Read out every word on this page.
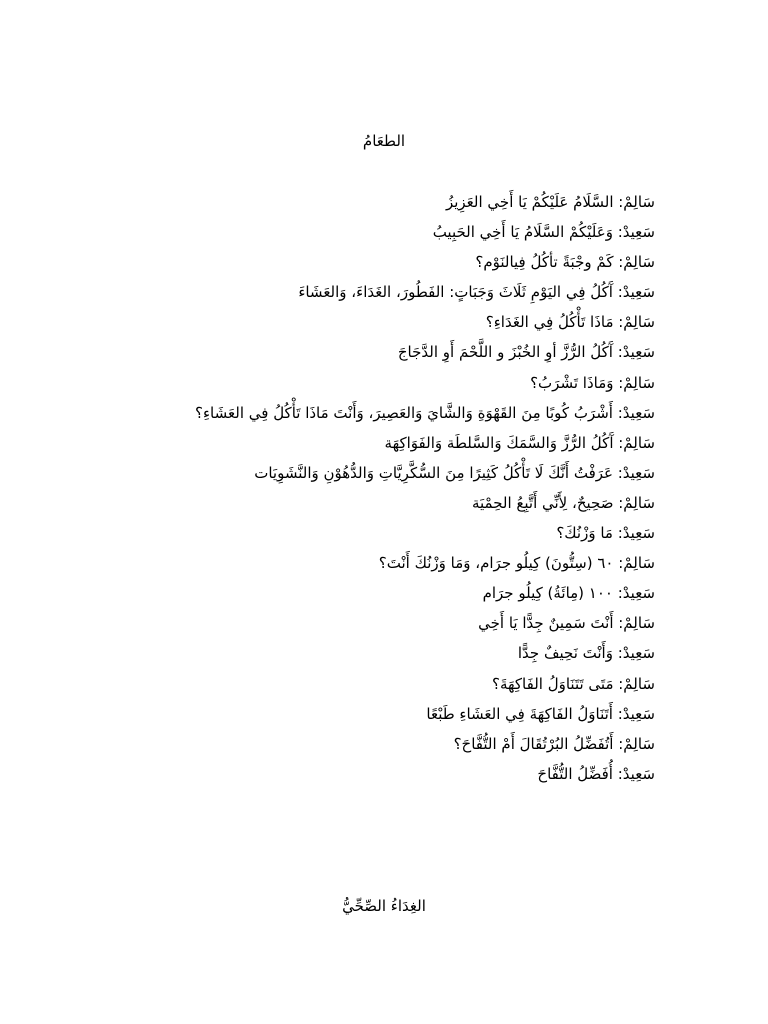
الطعَامُ
سَالِمْ: السَّلَامُ عَلَيْكُمْ يَا أَخِي العَزِيزُ
سَعِيدْ: وَعَلَيْكُمْ السَّلَامُ يَا أَخِي الحَبِيبُ
سَالِمْ: كَمْ وجْبَةً تأكُلُ فِيالنَوْم؟
سَعِيدْ: آَكُلُ فِي اليَوْمِ ثَلَاثَ وَجَبَاتٍ: الفَطُورَ، الغَدَاءَ، وَالعَشَاءَ
سَالِمْ: مَاذَا تَأْكُلُ فِي الغَدَاءِ؟
سَعِيدْ: آَكُلُ الرُّزَّ أوِ الخُبْزَ و اللَّحْمَ أَوِ الدَّجَاجَ
سَالِمْ: وَمَاذَا تَشْرَبُ؟
سَعِيدْ: أَشْرَبُ كُوبًا مِنَ القَهْوَةِ وَالشَّايَ وَالعَصِيرَ، وَأَنْتَ مَاذَا تَأْكُلُ فِي العَشَاءِ؟
سَالِمْ: آَكُلُ الرُّزَّ وَالسَّمَكَ وَالسَّلطَة وَالفَوَاكِهَة
سَعِيدْ: عَرَفْتُ أَنَّكَ لَا تَأْكُلُ كَثِيرًا مِنَ السُّكَّرِيَّاتِ وَالدُّهُوْنِ وَالنَّشَوِيَات
سَالِمْ: صَحِيحٌ، لِأَنِّي أَتَّبِعُ الحِمْيَة
سَعِيدْ: مَا وَزْنُكَ؟
سَالِمْ: ٦٠ (سِتُّونَ) كِيلُو جرَام، وَمَا وَزْنُكَ أَنْتَ؟
سَعِيدْ: ١٠٠ (مِائَةُ) كِيلُو جرَام
سَالِمْ: أَنْتَ سَمِينٌ جِدًّا يَا أَخِي
سَعِيدْ: وَأَنْتَ نَحِيفٌ جِدًّا
سَالِمْ: مَتَى تَتَنَاوَلُ الفَاكِهَةَ؟
سَعِيدْ: أَتَنَاوَلُ الفَاكِهَةَ فِي العَشَاءِ طَبْعًا
سَالِمْ: أَتُفَضِّلُ البُرْتُقَالَ أَمْ التُّفَّاحَ؟
سَعِيدْ: أُفَضِّلُ التُّفَّاحَ
الغِدَاءُ الصِّحِّيُّ
